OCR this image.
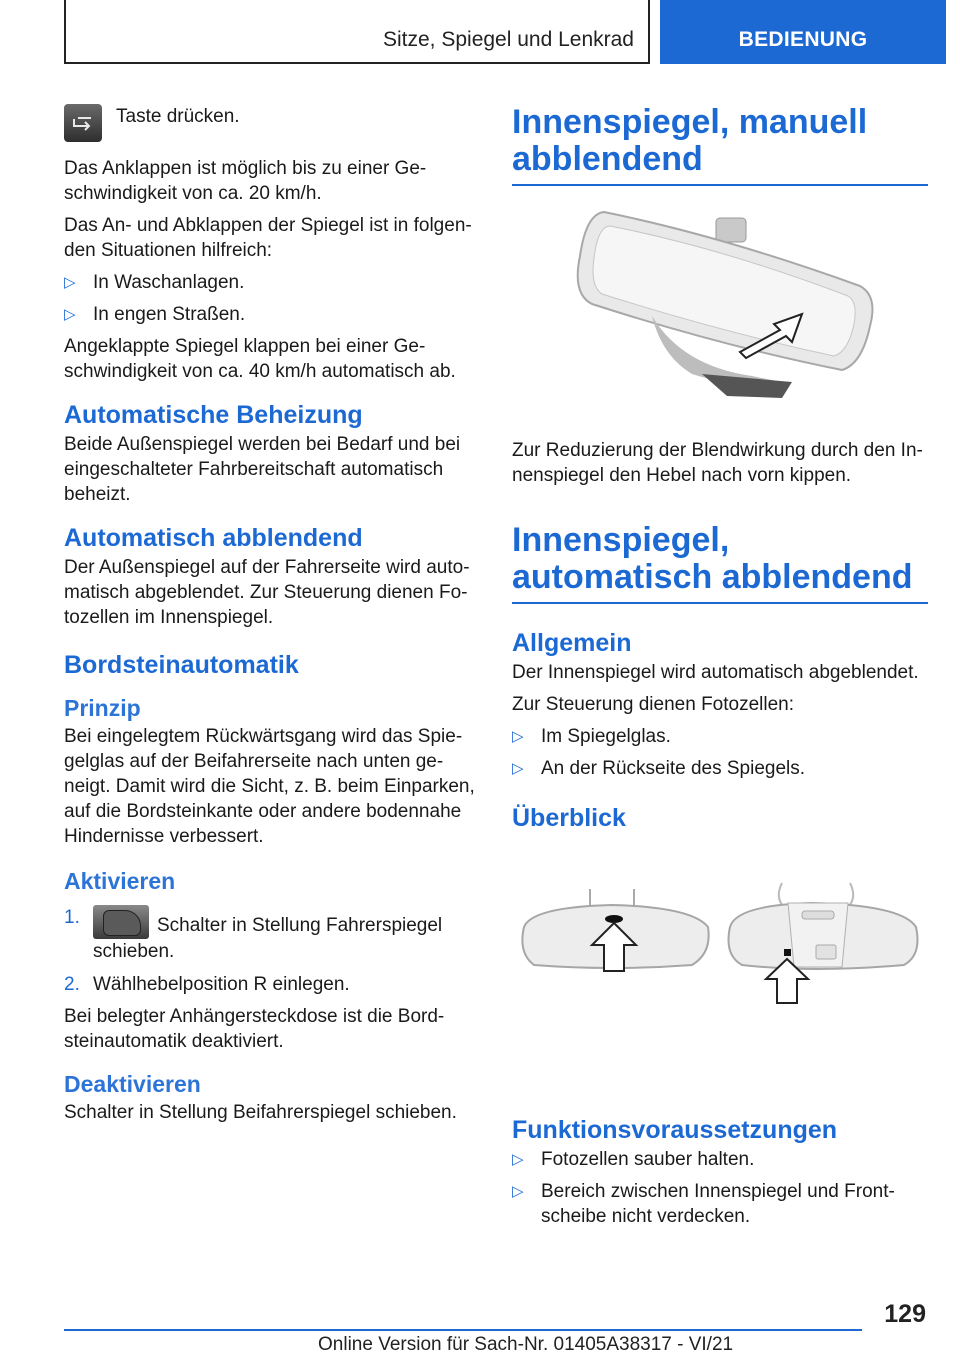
Sitze, Spiegel und Lenkrad	BEDIENUNG
Taste drücken.

Das Anklappen ist möglich bis zu einer Geschwindigkeit von ca. 20 km/h.

Das An- und Abklappen der Spiegel ist in folgenden Situationen hilfreich:

▷ In Waschanlagen.
▷ In engen Straßen.

Angeklappte Spiegel klappen bei einer Geschwindigkeit von ca. 40 km/h automatisch ab.

Automatische Beheizung

Beide Außenspiegel werden bei Bedarf und bei eingeschalteter Fahrbereitschaft automatisch beheizt.

Automatisch abblendend

Der Außenspiegel auf der Fahrerseite wird automatisch abgeblendet. Zur Steuerung dienen Fotozellen im Innenspiegel.

Bordsteinautomatik
Prinzip

Bei eingelegtem Rückwärtsgang wird das Spiegelglas auf der Beifahrerseite nach unten geneigt. Damit wird die Sicht, z. B. beim Einparken, auf die Bordsteinkante oder andere bodennahe Hindernisse verbessert.

Aktivieren
1.	Schalter in Stellung Fahrerspiegel schieben.
2. Wählhebelposition R einlegen.

Bei belegter Anhängersteckdose ist die Bordsteinautomatik deaktiviert.

Deaktivieren

Schalter in Stellung Beifahrerspiegel schieben.

Innenspiegel, manuell abblendend

Zur Reduzierung der Blendwirkung durch den Innenspiegel den Hebel nach vorn kippen.

Innenspiegel, automatisch abblendend
Allgemein

Der Innenspiegel wird automatisch abgeblendet.

Zur Steuerung dienen Fotozellen:

▷ Im Spiegelglas.
▷ An der Rückseite des Spiegels.
Überblick
Funktionsvoraussetzungen
▷ Fotozellen sauber halten.
▷ Bereich zwischen Innenspiegel und Frontscheibe nicht verdecken.
129
Online Version für Sach-Nr. 01405A38317 - VI/21
